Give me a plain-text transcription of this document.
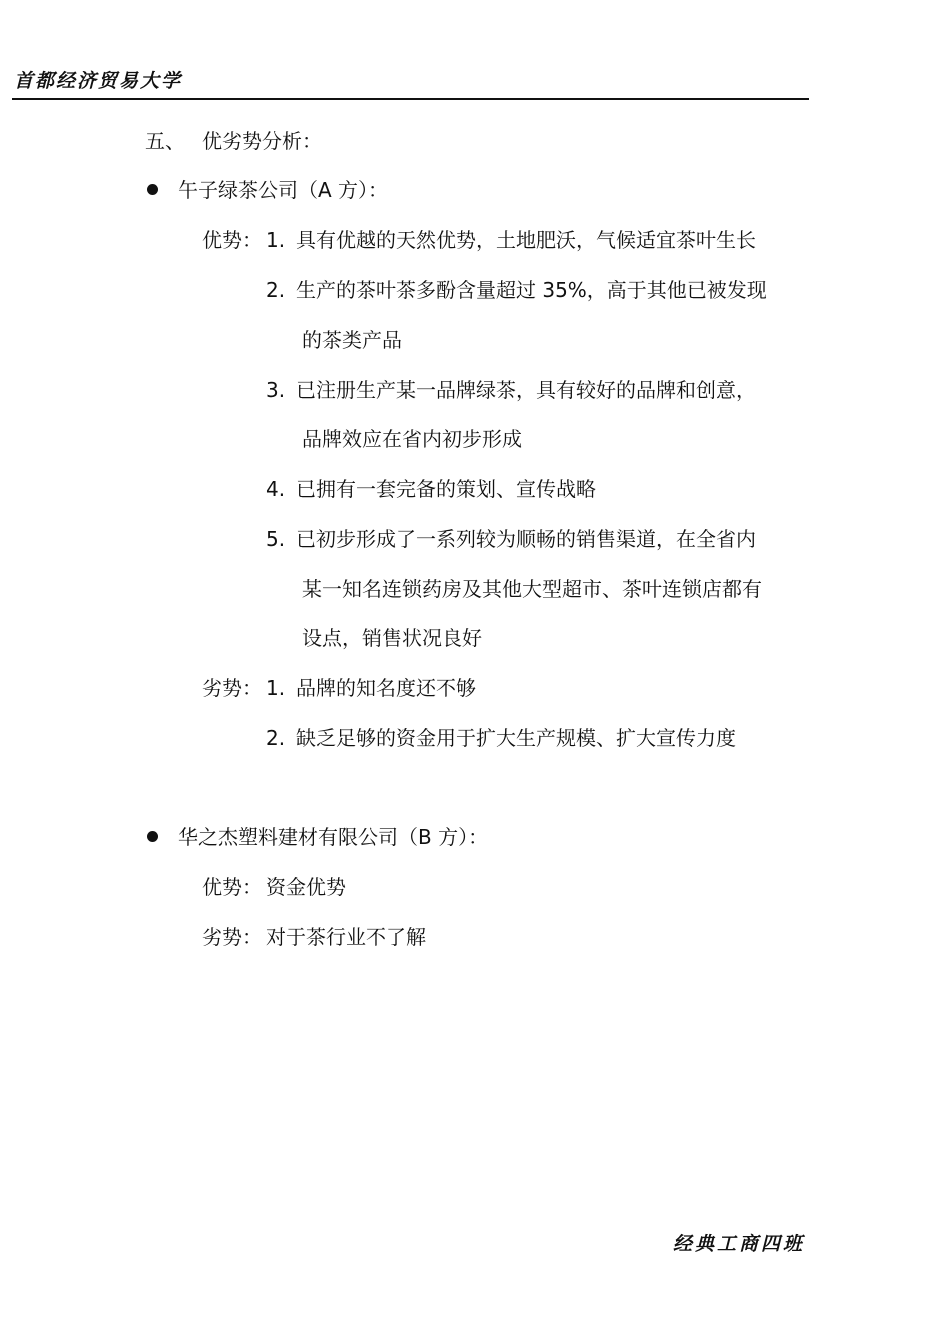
首都经济贸易大学
五、 优劣势分析：
午子绿茶公司（A 方）：
优势： 1. 具有优越的天然优势，土地肥沃，气候适宜茶叶生长
2. 生产的茶叶茶多酚含量超过 35%，高于其他已被发现
的茶类产品
3. 已注册生产某一品牌绿茶，具有较好的品牌和创意，
品牌效应在省内初步形成
4. 已拥有一套完备的策划、宣传战略
5. 已初步形成了一系列较为顺畅的销售渠道，在全省内
某一知名连锁药房及其他大型超市、茶叶连锁店都有
设点，销售状况良好
劣势： 1. 品牌的知名度还不够
2. 缺乏足够的资金用于扩大生产规模、扩大宣传力度
华之杰塑料建材有限公司（B 方）：
优势： 资金优势
劣势： 对于茶行业不了解
经典工商四班
